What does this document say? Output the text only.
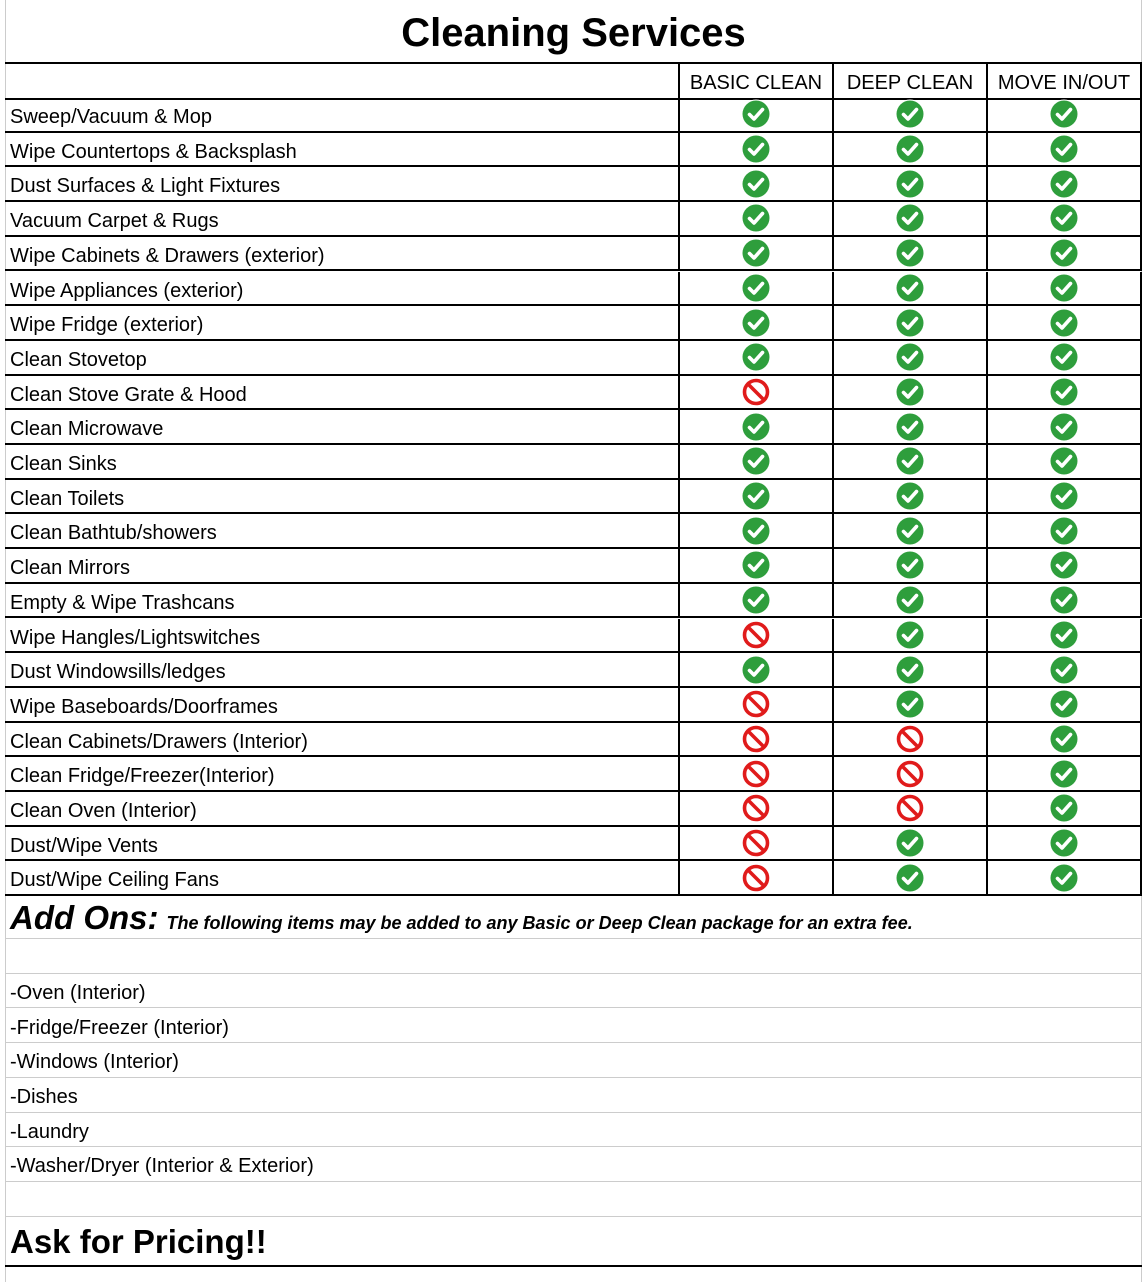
Cleaning Services
BASIC CLEAN	DEEP CLEAN	MOVE IN/OUT
Sweep/Vacuum & Mop
Wipe Countertops & Backsplash
Dust Surfaces & Light Fixtures
Vacuum Carpet & Rugs
Wipe Cabinets & Drawers (exterior)
Wipe Appliances (exterior)
Wipe Fridge (exterior)
Clean Stovetop
Clean Stove Grate & Hood
Clean Microwave
Clean Sinks
Clean Toilets
Clean Bathtub/showers
Clean Mirrors
Empty & Wipe Trashcans
Wipe Hangles/Lightswitches
Dust Windowsills/ledges
Wipe Baseboards/Doorframes
Clean Cabinets/Drawers (Interior)
Clean Fridge/Freezer(Interior)
Clean Oven (Interior)
Dust/Wipe Vents
Dust/Wipe Ceiling Fans
Add Ons: The following items may be added to any Basic or Deep Clean package for an extra fee.
-Oven (Interior)
-Fridge/Freezer (Interior)
-Windows (Interior)
-Dishes
-Laundry
-Washer/Dryer (Interior & Exterior)
Ask for Pricing!!
